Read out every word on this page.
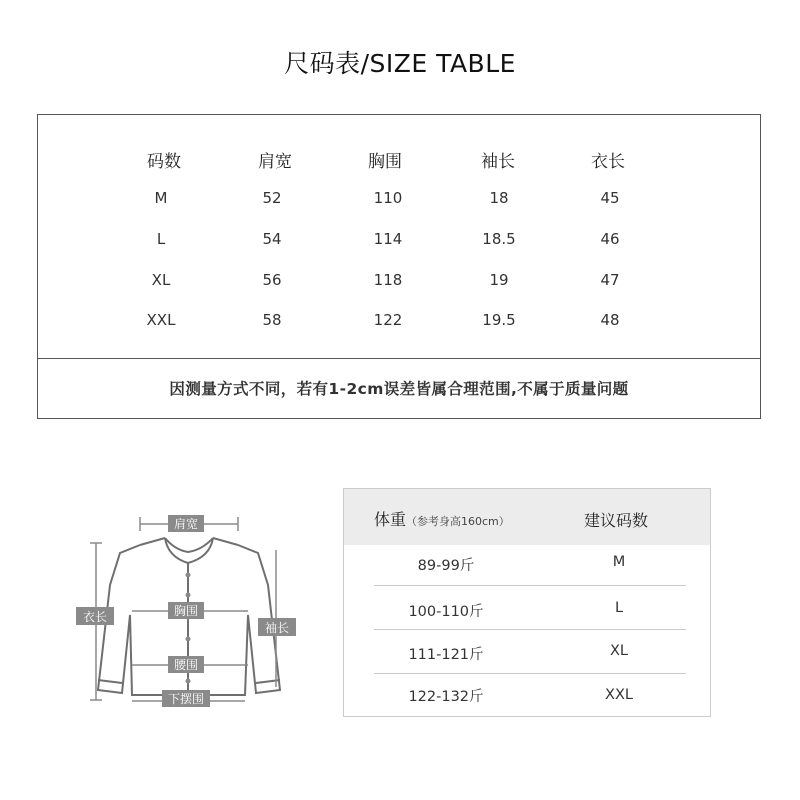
尺码表/SIZE TABLE
码数	肩宽	胸围	袖长	衣长
M	52	110	18	45
L	54	114	18.5	46
XL	56	118	19	47
XXL	58	122	19.5	48
因测量方式不同，若有1-2cm误差皆属合理范围,不属于质量问题
肩宽
胸围
腰围
下摆围
衣长
袖长
体重（参考身高160cm）	建议码数
89-99斤	M
100-110斤	L
111-121斤	XL
122-132斤	XXL
